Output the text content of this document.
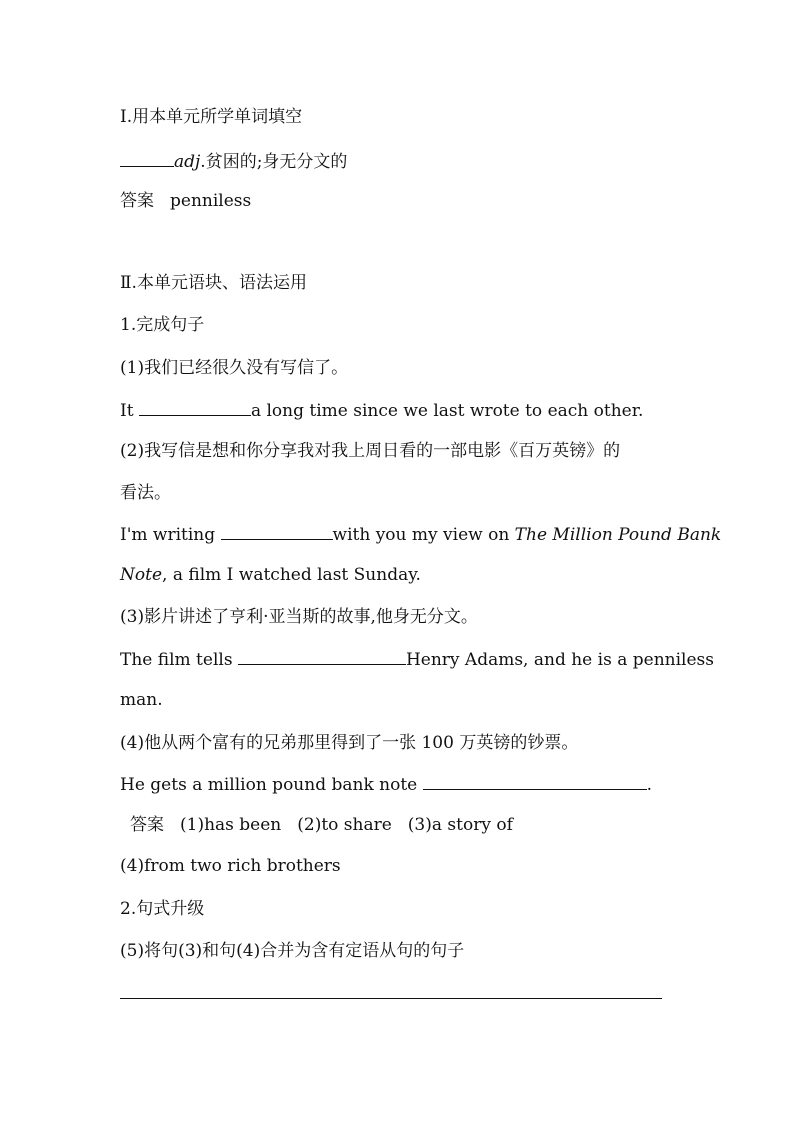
Ⅰ.用本单元所学单词填空
adj.贫困的;身无分文的
答案 penniless
Ⅱ.本单元语块、语法运用
1.完成句子
(1)我们已经很久没有写信了。
It	a long time since we last wrote to each other.
(2)我写信是想和你分享我对我上周日看的一部电影《百万英镑》的
看法。
I'm writing	with you my view on The Million Pound Bank
Note, a film I watched last Sunday.
(3)影片讲述了亨利·亚当斯的故事,他身无分文。
The film tells	Henry Adams, and he is a penniless
man.
(4)他从两个富有的兄弟那里得到了一张 100 万英镑的钞票。
He gets a million pound bank note	.
答案 (1)has been (2)to share (3)a story of
(4)from two rich brothers
2.句式升级
(5)将句(3)和句(4)合并为含有定语从句的句子
